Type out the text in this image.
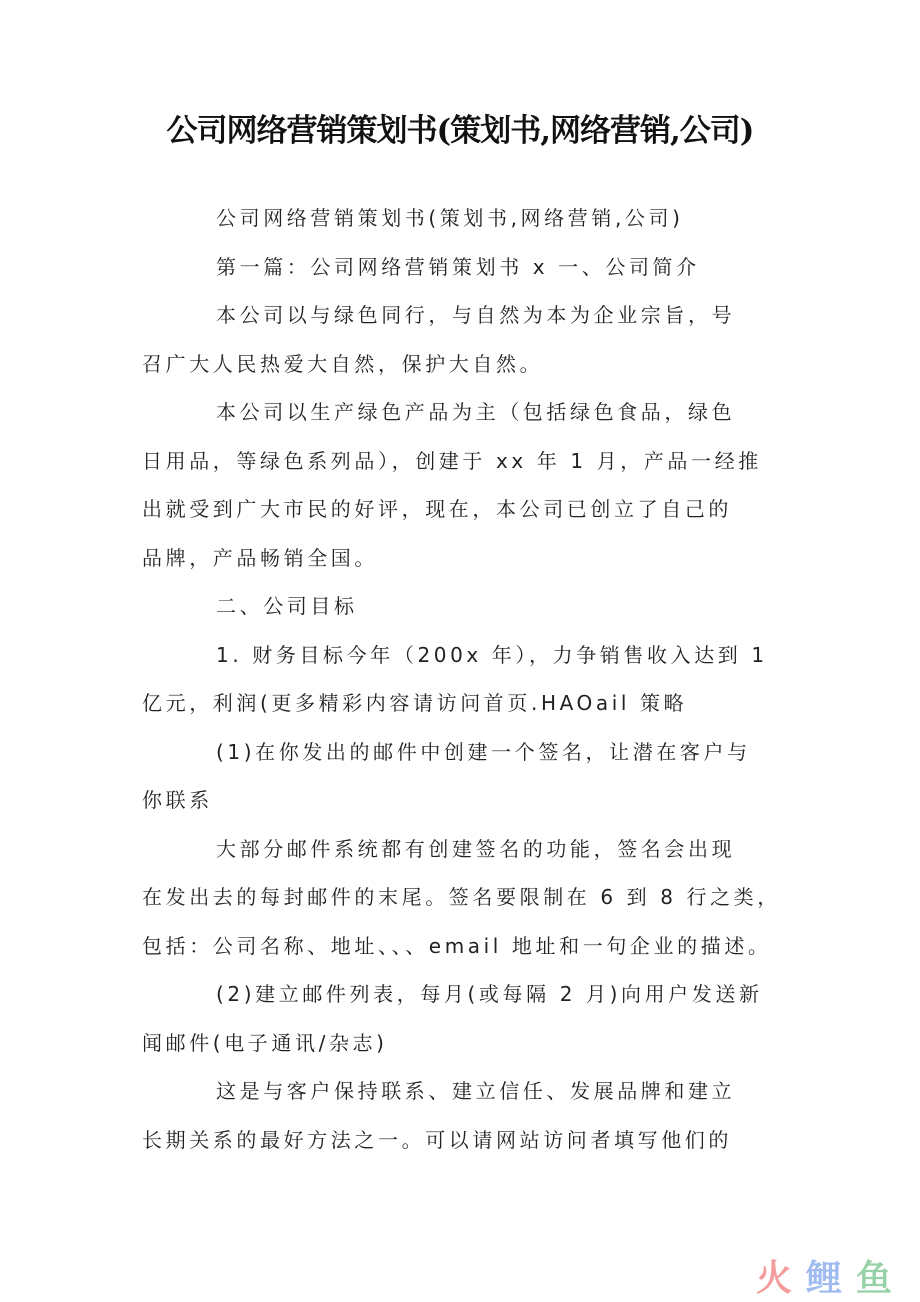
公司网络营销策划书(策划书,网络营销,公司)
公司网络营销策划书(策划书,网络营销,公司)
第一篇：公司网络营销策划书 x 一、公司简介
本公司以与绿色同行，与自然为本为企业宗旨，号
召广大人民热爱大自然，保护大自然。
本公司以生产绿色产品为主（包括绿色食品，绿色
日用品，等绿色系列品），创建于 xx 年 1 月，产品一经推
出就受到广大市民的好评，现在，本公司已创立了自己的
品牌，产品畅销全国。
二、公司目标
1. 财务目标今年（200x 年），力争销售收入达到 1
亿元，利润(更多精彩内容请访问首页.HAOail 策略
(1)在你发出的邮件中创建一个签名，让潜在客户与
你联系
大部分邮件系统都有创建签名的功能，签名会出现
在发出去的每封邮件的末尾。签名要限制在 6 到 8 行之类，
包括：公司名称、地址、、、email 地址和一句企业的描述。
(2)建立邮件列表，每月(或每隔 2 月)向用户发送新
闻邮件(电子通讯/杂志)
这是与客户保持联系、建立信任、发展品牌和建立
长期关系的最好方法之一。可以请网站访问者填写他们的
火 鲤 鱼
